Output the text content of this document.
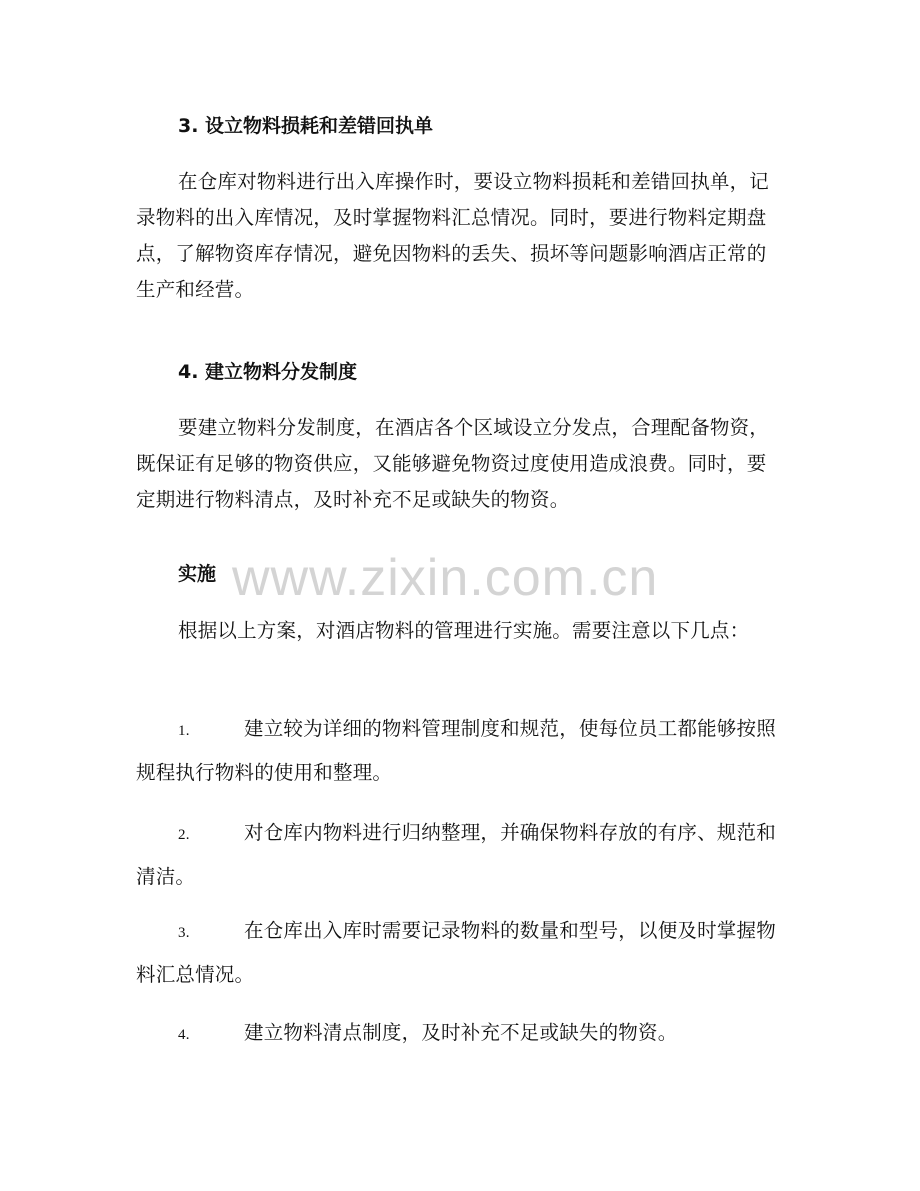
3. 设立物料损耗和差错回执单
在仓库对物料进行出入库操作时，要设立物料损耗和差错回执单，记录物料的出入库情况，及时掌握物料汇总情况。同时，要进行物料定期盘点，了解物资库存情况，避免因物料的丢失、损坏等问题影响酒店正常的生产和经营。
4. 建立物料分发制度
要建立物料分发制度，在酒店各个区域设立分发点，合理配备物资，既保证有足够的物资供应，又能够避免物资过度使用造成浪费。同时，要定期进行物料清点，及时补充不足或缺失的物资。
实施
根据以上方案，对酒店物料的管理进行实施。需要注意以下几点：
1.	建立较为详细的物料管理制度和规范，使每位员工都能够按照规程执行物料的使用和整理。
2.	对仓库内物料进行归纳整理，并确保物料存放的有序、规范和清洁。
3.	在仓库出入库时需要记录物料的数量和型号，以便及时掌握物料汇总情况。
4.	建立物料清点制度，及时补充不足或缺失的物资。
www.zixin.com.cn
